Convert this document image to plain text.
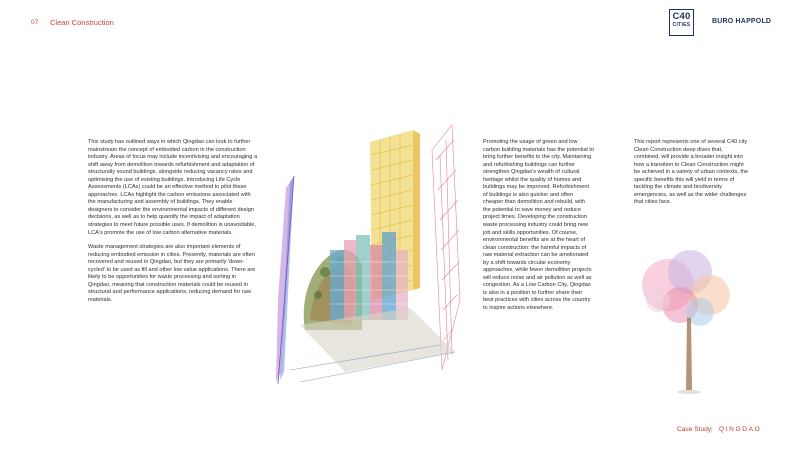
07 Clean Construction
C40
CITIES	BURO HAPPOLD

This study has outlined ways in which Qingdao can look to further mainstream the concept of embodied carbon in the construction industry. Areas of focus may include incentivising and encouraging a shift away from demolition towards refurbishment and adaptation of structurally sound buildings, alongside reducing vacancy rates and optimising the use of existing buildings. Introducing Life Cycle Assessments (LCAs) could be an effective method to pilot these approaches. LCAs highlight the carbon emissions associated with the manufacturing and assembly of buildings. They enable designers to consider the environmental impacts of different design decisions, as well as to help quantify the impact of adaptation strategies to meet future possible uses. If demolition is unavoidable, LCA's promote the use of low carbon alternative materials.

Waste management strategies are also important elements of reducing embodied emission in cities. Presently, materials are often recovered and reused in Qingdao, but they are primarily 'down-cycled' to be used as fill and other low value applications. There are likely to be opportunities for waste processing and sorting in Qingdao, meaning that construction materials could be reused in structural and performance applications, reducing demand for raw materials.

Promoting the usage of green and low carbon building materials has the potential to bring further benefits to the city. Maintaining and refurbishing buildings can further strengthen Qingdao's wealth of cultural heritage whilst the quality of homes and buildings may be improved. Refurbishment of buildings is also quicker and often cheaper than demolition and rebuild, with the potential to save money and reduce project times. Developing the construction waste processing industry could bring new job and skills opportunities. Of course, environmental benefits are at the heart of clean construction: the harmful impacts of raw material extraction can be ameliorated by a shift towards circular economy approaches, while fewer demolition projects will reduce noise and air pollution as well as congestion. As a Low Carbon City, Qingdao is also in a position to further share their best practices with cities across the country to inspire actions elsewhere.

This report represents one of several C40 city Clean Construction deep dives that, combined, will provide a broader insight into how a transition to Clean Construction might be achieved in a variety of urban contexts, the specific benefits this will yield in terms of tackling the climate and biodiversity emergencies, as well as the wider challenges that cities face.

Case Study | QINGDAO
